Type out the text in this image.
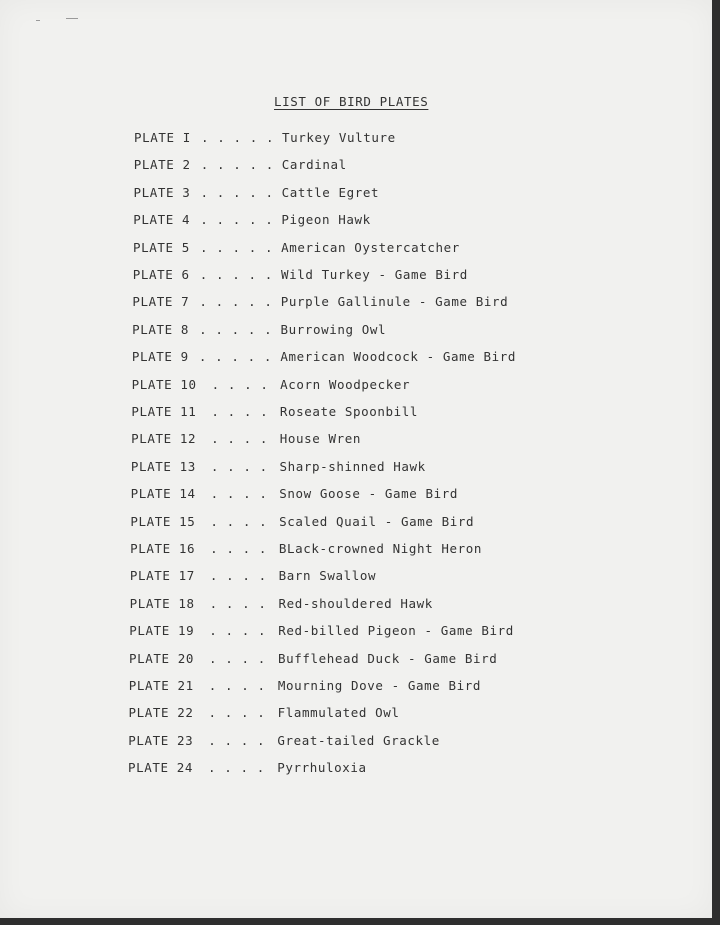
LIST OF BIRD PLATES
PLATE I . . . . . Turkey Vulture
PLATE 2 . . . . . Cardinal
PLATE 3 . . . . . Cattle Egret
PLATE 4 . . . . . Pigeon Hawk
PLATE 5 . . . . . American Oystercatcher
PLATE 6 . . . . . Wild Turkey - Game Bird
PLATE 7 . . . . . Purple Gallinule - Game Bird
PLATE 8 . . . . . Burrowing Owl
PLATE 9 . . . . . American Woodcock - Game Bird
PLATE 10 . . . . Acorn Woodpecker
PLATE 11 . . . . Roseate Spoonbill
PLATE 12 . . . . House Wren
PLATE 13 . . . . Sharp-shinned Hawk
PLATE 14 . . . . Snow Goose - Game Bird
PLATE 15 . . . . Scaled Quail - Game Bird
PLATE 16 . . . . BLack-crowned Night Heron
PLATE 17 . . . . Barn Swallow
PLATE 18 . . . . Red-shouldered Hawk
PLATE 19 . . . . Red-billed Pigeon - Game Bird
PLATE 20 . . . . Bufflehead Duck - Game Bird
PLATE 21 . . . . Mourning Dove - Game Bird
PLATE 22 . . . . Flammulated Owl
PLATE 23 . . . . Great-tailed Grackle
PLATE 24 . . . . Pyrrhuloxia
